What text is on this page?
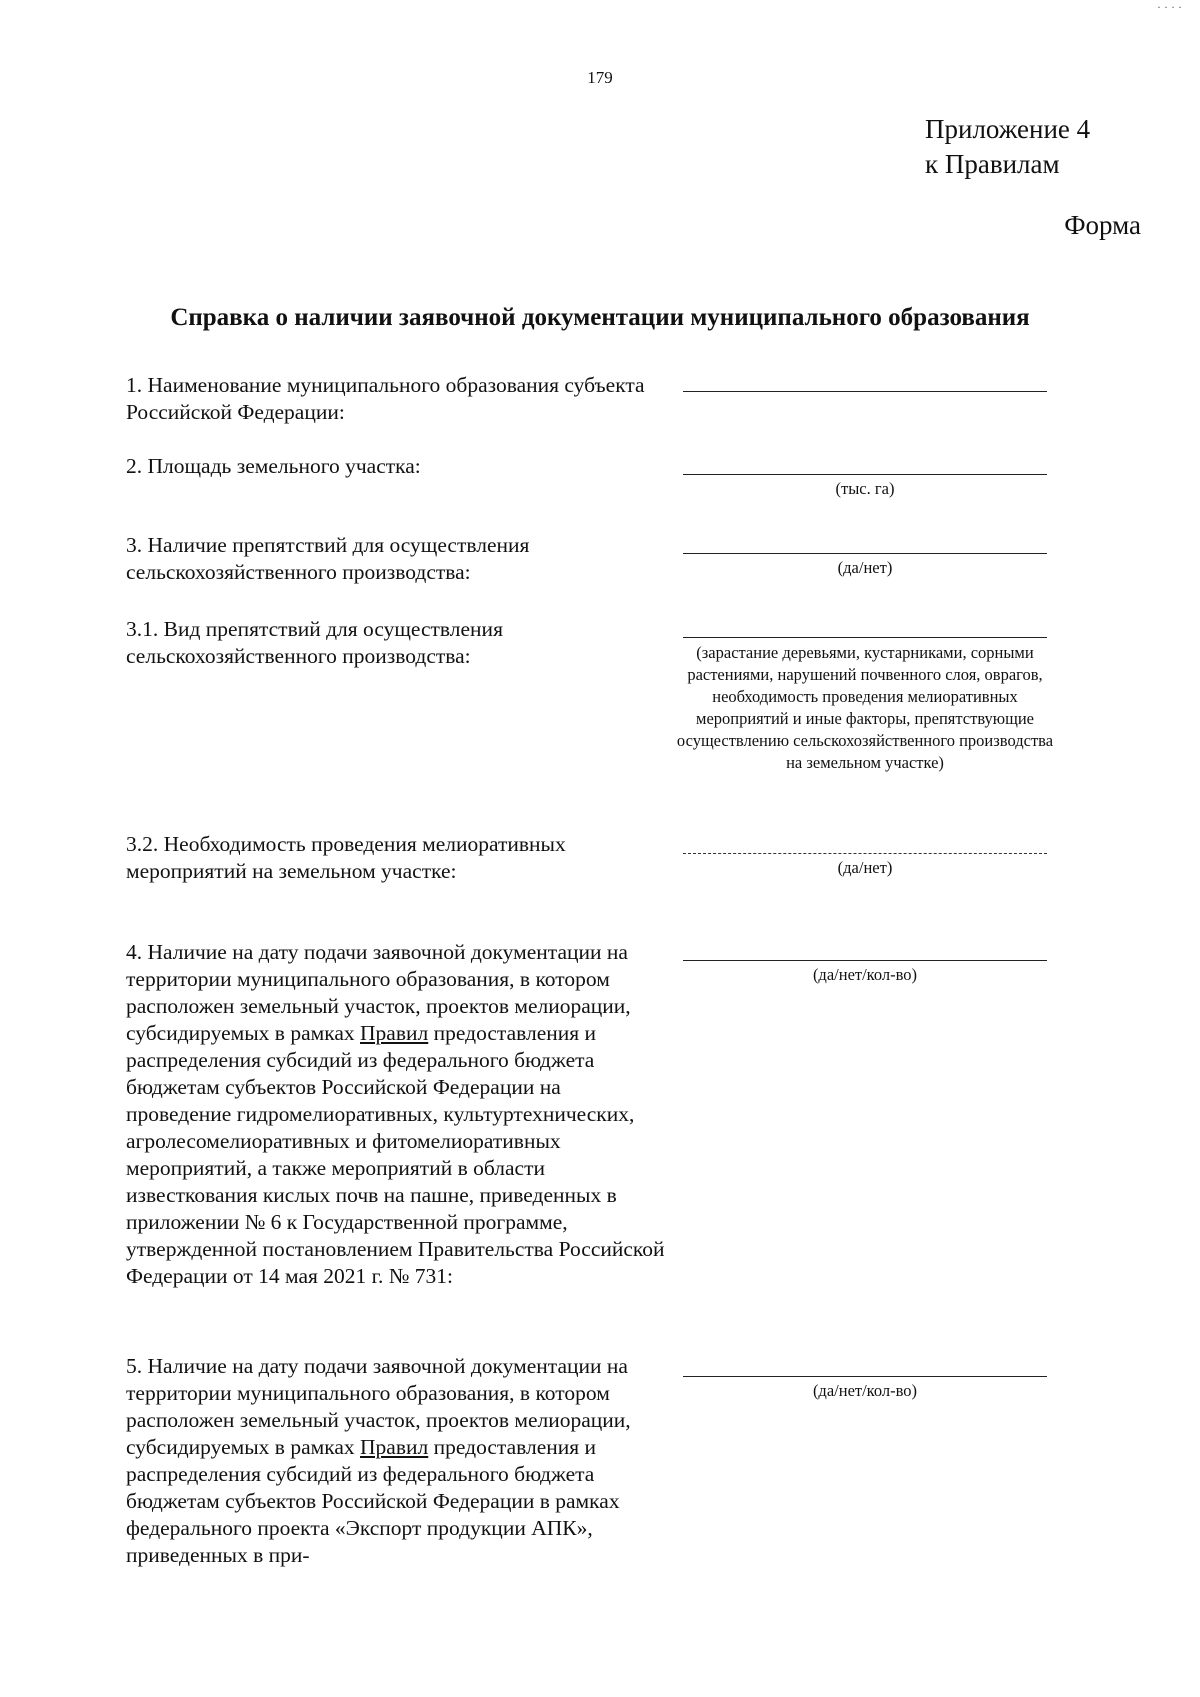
· · · ·
179
Приложение 4
к Правилам
Форма
Справка о наличии заявочной документации муниципального образования
1. Наименование муниципального образования субъекта Российской Федерации:
2. Площадь земельного участка:
(тыс. га)
3. Наличие препятствий для осуществления сельскохозяйственного производства:	(да/нет)
3.1. Вид препятствий для осуществления сельскохозяйственного производства:	(зарастание деревьями, кустарниками, сорными растениями, нарушений почвенного слоя, оврагов, необходимость проведения мелиоративных мероприятий и иные факторы, препятствующие осуществлению сельскохозяйственного производства на земельном участке)
3.2. Необходимость проведения мелиоративных мероприятий на земельном участке:	(да/нет)
4. Наличие на дату подачи заявочной документации на территории муниципального образования, в котором расположен земельный участок, проектов мелиорации, субсидируемых в рамках Правил предоставления и распределения субсидий из федерального бюджета бюджетам субъектов Российской Федерации на проведение гидромелиоративных, культуртехнических, агролесомелиоративных и фитомелиоративных мероприятий, а также мероприятий в области известкования кислых почв на пашне, приведенных в приложении № 6 к Государственной программе, утвержденной постановлением Правительства Российской Федерации от 14 мая 2021 г. № 731:
(да/нет/кол-во)
5. Наличие на дату подачи заявочной документации на территории муниципального образования, в котором расположен земельный участок, проектов мелиорации, субсидируемых в рамках Правил предоставления и распределения субсидий из федерального бюджета бюджетам субъектов Российской Федерации в рамках федерального проекта «Экспорт продукции АПК», приведенных в при-
(да/нет/кол-во)
